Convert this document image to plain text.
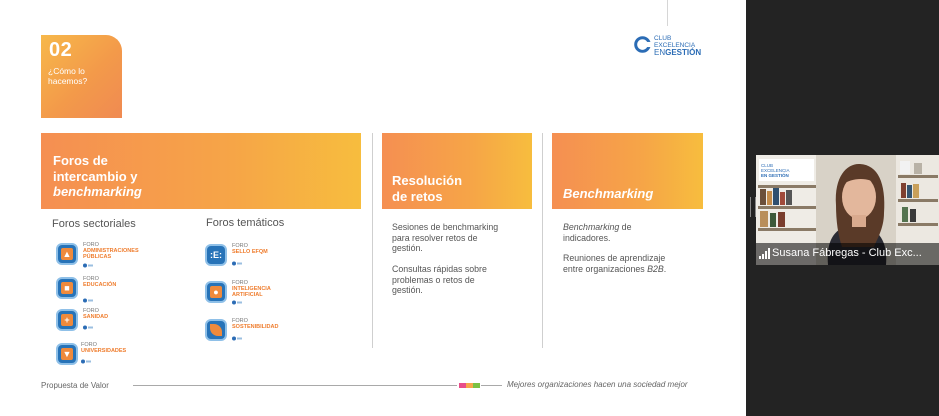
02
¿Cómo lo hacemos?
CLUB
EXCELENCIA
ENGESTIÓN
Foros de
intercambio y
benchmarking
Resolución
de retos	Benchmarking
Foros sectoriales	Foros temáticos
▲
FORO
ADMINISTRACIONES
PÚBLICAS
■
FORO
EDUCACIÓN
+
FORO
SANIDAD
▼
FORO
UNIVERSIDADES
:E:
FORO
SELLO EFQM
●
FORO
INTELIGENCIA
ARTIFICIAL
FORO
SOSTENIBILIDAD
Sesiones de benchmarking
para resolver retos de
gestión.
Consultas rápidas sobre
problemas o retos de
gestión.
Benchmarking de
indicadores.
Reuniones de aprendizaje
entre organizaciones B2B.
Propuesta de Valor	Mejores organizaciones hacen una sociedad mejor
CLUB
EXCELENCIA
EN GESTIÓN
Susana Fábregas - Club Exc...
